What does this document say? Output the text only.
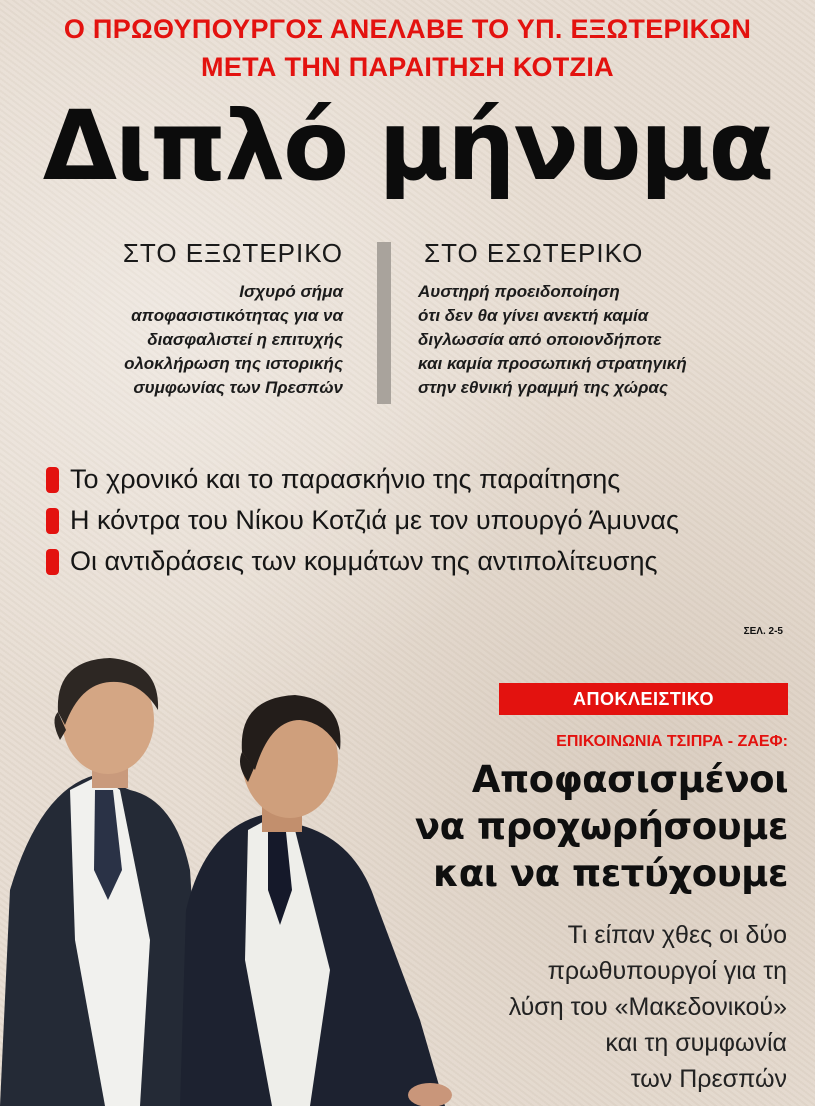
Ο ΠΡΩΘΥΠΟΥΡΓΟΣ ΑΝΕΛΑΒΕ ΤΟ ΥΠ. ΕΞΩΤΕΡΙΚΩΝ
ΜΕΤΑ ΤΗΝ ΠΑΡΑΙΤΗΣΗ ΚΟΤΖΙΑ
Διπλό μήνυμα
ΣΤΟ ΕΞΩΤΕΡΙΚΟ	ΣΤΟ ΕΣΩΤΕΡΙΚΟ
Ισχυρό σήμα
αποφασιστικότητας για να
διασφαλιστεί η επιτυχής
ολοκλήρωση της ιστορικής
συμφωνίας των Πρεσπών
Αυστηρή προειδοποίηση
ότι δεν θα γίνει ανεκτή καμία
διγλωσσία από οποιονδήποτε
και καμία προσωπική στρατηγική
στην εθνική γραμμή της χώρας
Το χρονικό και το παρασκήνιο της παραίτησης
Η κόντρα του Νίκου Κοτζιά με τον υπουργό Άμυνας
Οι αντιδράσεις των κομμάτων της αντιπολίτευσης
ΣΕΛ. 2-5
ΑΠΟΚΛΕΙΣΤΙΚΟ
ΕΠΙΚΟΙΝΩΝΙΑ ΤΣΙΠΡΑ - ΖΑΕΦ:
Αποφασισμένοι
να προχωρήσουμε
και να πετύχουμε
Τι είπαν χθες οι δύο
πρωθυπουργοί για τη
λύση του «Μακεδονικού»
και τη συμφωνία
των Πρεσπών
